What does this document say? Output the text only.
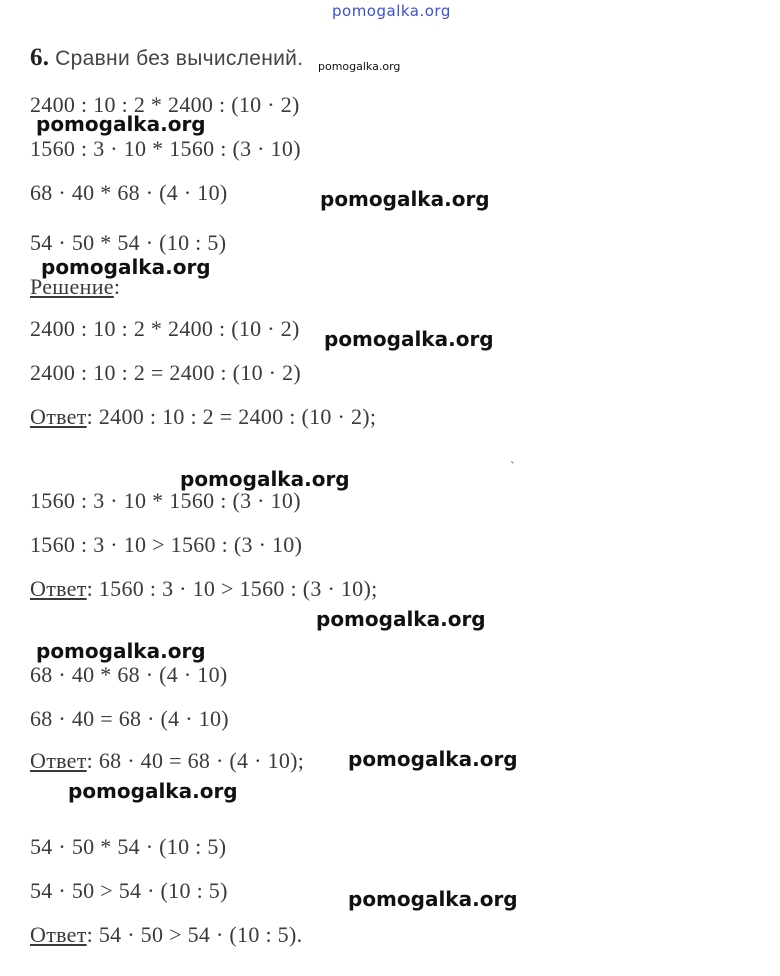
pomogalka.org
6. Сравни без вычислений. pomogalka.org
2400 : 10 : 2 * 2400 : (10 · 2)
1560 : 3 · 10 * 1560 : (3 · 10)
68 · 40 * 68 · (4 · 10)
54 · 50 * 54 · (10 : 5)
Решение:
2400 : 10 : 2 * 2400 : (10 · 2)
2400 : 10 : 2 = 2400 : (10 · 2)
Ответ: 2400 : 10 : 2 = 2400 : (10 · 2);
1560 : 3 · 10 * 1560 : (3 · 10)
1560 : 3 · 10 > 1560 : (3 · 10)
Ответ: 1560 : 3 · 10 > 1560 : (3 · 10);
68 · 40 * 68 · (4 · 10)
68 · 40 = 68 · (4 · 10)
Ответ: 68 · 40 = 68 · (4 · 10);
54 · 50 * 54 · (10 : 5)
54 · 50 > 54 · (10 : 5)
Ответ: 54 · 50 > 54 · (10 : 5).
pomogalka.org
pomogalka.org
pomogalka.org
pomogalka.org
pomogalka.org
pomogalka.org
pomogalka.org
pomogalka.org
pomogalka.org
pomogalka.org
`
